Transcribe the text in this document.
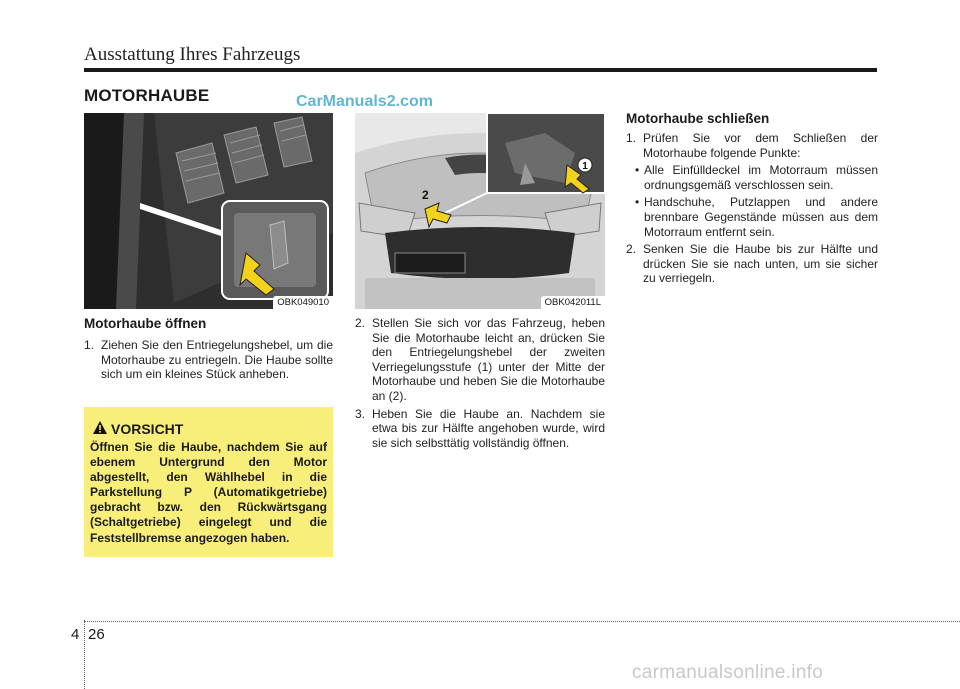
Ausstattung Ihres Fahrzeugs
MOTORHAUBE	CarManuals2.com
OBK049010
1
2
OBK042011L
Motorhaube öffnen
1. Ziehen Sie den Entriegelungshebel, um die Motorhaube zu entriegeln. Die Haube sollte sich um ein kleines Stück anheben.
VORSICHT
Öffnen Sie die Haube, nachdem Sie auf ebenem Untergrund den Motor abgestellt, den Wählhebel in die Parkstellung P (Automatikgetriebe) gebracht bzw. den Rückwärtsgang (Schaltgetriebe) eingelegt und die Feststellbremse angezogen haben.
2. Stellen Sie sich vor das Fahrzeug, heben Sie die Motorhaube leicht an, drücken Sie den Entriegelungshebel der zweiten Verriegelungsstufe (1) unter der Mitte der Motorhaube und heben Sie die Motorhaube an (2).
3. Heben Sie die Haube an. Nachdem sie etwa bis zur Hälfte angehoben wurde, wird sie sich selbsttätig vollständig öffnen.
Motorhaube schließen
1. Prüfen Sie vor dem Schließen der Motorhaube folgende Punkte:
• Alle Einfülldeckel im Motorraum müssen ordnungsgemäß verschlossen sein.
• Handschuhe, Putzlappen und andere brennbare Gegenstände müssen aus dem Motorraum entfernt sein.
2. Senken Sie die Haube bis zur Hälfte und drücken Sie sie nach unten, um sie sicher zu verriegeln.
4 26
carmanualsonline.info
